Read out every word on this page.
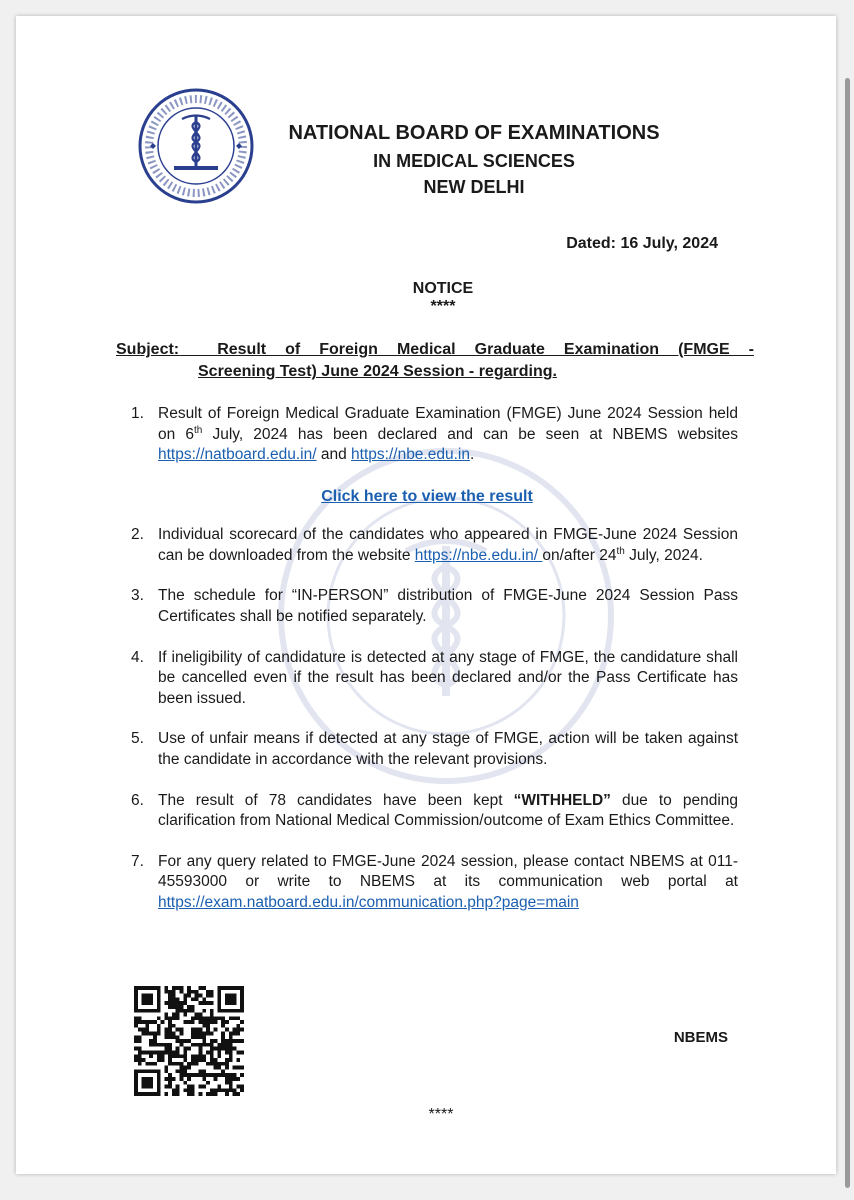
NATIONAL BOARD OF EXAMINATIONS
IN MEDICAL SCIENCES
NEW DELHI
Dated: 16 July, 2024
NOTICE
****
Subject: Result of Foreign Medical Graduate Examination (FMGE -
Screening Test) June 2024 Session - regarding.
1. Result of Foreign Medical Graduate Examination (FMGE) June 2024 Session held on 6th July, 2024 has been declared and can be seen at NBEMS websites https://natboard.edu.in/ and https://nbe.edu.in.
Click here to view the result
2. Individual scorecard of the candidates who appeared in FMGE-June 2024 Session can be downloaded from the website https://nbe.edu.in/ on/after 24th July, 2024.
3. The schedule for “IN-PERSON” distribution of FMGE-June 2024 Session Pass Certificates shall be notified separately.
4. If ineligibility of candidature is detected at any stage of FMGE, the candidature shall be cancelled even if the result has been declared and/or the Pass Certificate has been issued.
5. Use of unfair means if detected at any stage of FMGE, action will be taken against the candidate in accordance with the relevant provisions.
6. The result of 78 candidates have been kept “WITHHELD” due to pending clarification from National Medical Commission/outcome of Exam Ethics Committee.
7. For any query related to FMGE-June 2024 session, please contact NBEMS at 011-45593000 or write to NBEMS at its communication web portal at https://exam.natboard.edu.in/communication.php?page=main
NBEMS
****
